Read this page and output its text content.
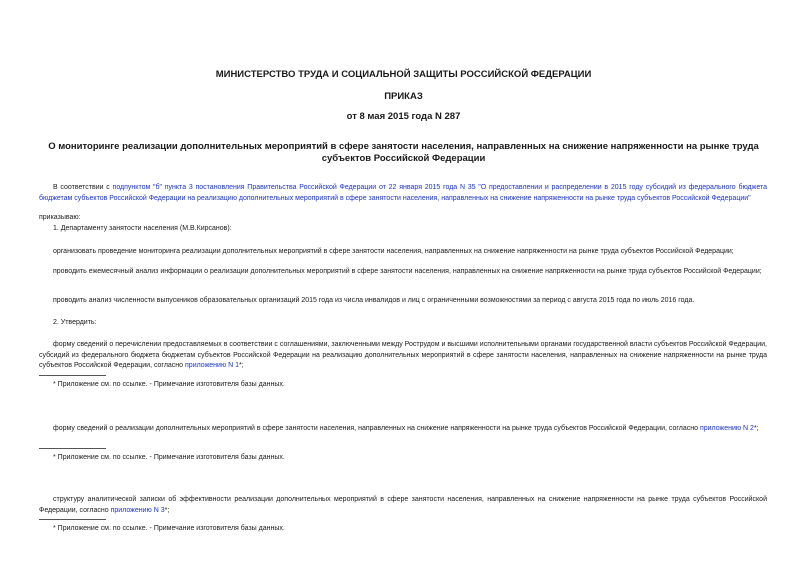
МИНИСТЕРСТВО ТРУДА И СОЦИАЛЬНОЙ ЗАЩИТЫ РОССИЙСКОЙ ФЕДЕРАЦИИ
ПРИКАЗ
от 8 мая 2015 года N 287
О мониторинге реализации дополнительных мероприятий в сфере занятости населения, направленных на снижение напряженности на рынке труда субъектов Российской Федерации
В соответствии с подпунктом "б" пункта 3 постановления Правительства Российской Федерации от 22 января 2015 года N 35 "О предоставлении и распределении в 2015 году субсидий из федерального бюджета бюджетам субъектов Российской Федерации на реализацию дополнительных мероприятий в сфере занятости населения, направленных на снижение напряженности на рынке труда субъектов Российской Федерации"
приказываю:
1. Департаменту занятости населения (М.В.Кирсанов):
организовать проведение мониторинга реализации дополнительных мероприятий в сфере занятости населения, направленных на снижение напряженности на рынке труда субъектов Российской Федерации;
проводить ежемесячный анализ информации о реализации дополнительных мероприятий в сфере занятости населения, направленных на снижение напряженности на рынке труда субъектов Российской Федерации;
проводить анализ численности выпускников образовательных организаций 2015 года из числа инвалидов и лиц с ограниченными возможностями за период с августа 2015 года по июль 2016 года.
2. Утвердить:
форму сведений о перечислении предоставляемых в соответствии с соглашениями, заключенными между Рострудом и высшими исполнительными органами государственной власти субъектов Российской Федерации, субсидий из федерального бюджета бюджетам субъектов Российской Федерации на реализацию дополнительных мероприятий в сфере занятости населения, направленных на снижение напряженности на рынке труда субъектов Российской Федерации, согласно приложению N 1*;
* Приложение см. по ссылке. - Примечание изготовителя базы данных.
форму сведений о реализации дополнительных мероприятий в сфере занятости населения, направленных на снижение напряженности на рынке труда субъектов Российской Федерации, согласно приложению N 2*;
* Приложение см. по ссылке. - Примечание изготовителя базы данных.
структуру аналитической записки об эффективности реализации дополнительных мероприятий в сфере занятости населения, направленных на снижение напряженности на рынке труда субъектов Российской Федерации, согласно приложению N 3*;
* Приложение см. по ссылке. - Примечание изготовителя базы данных.
